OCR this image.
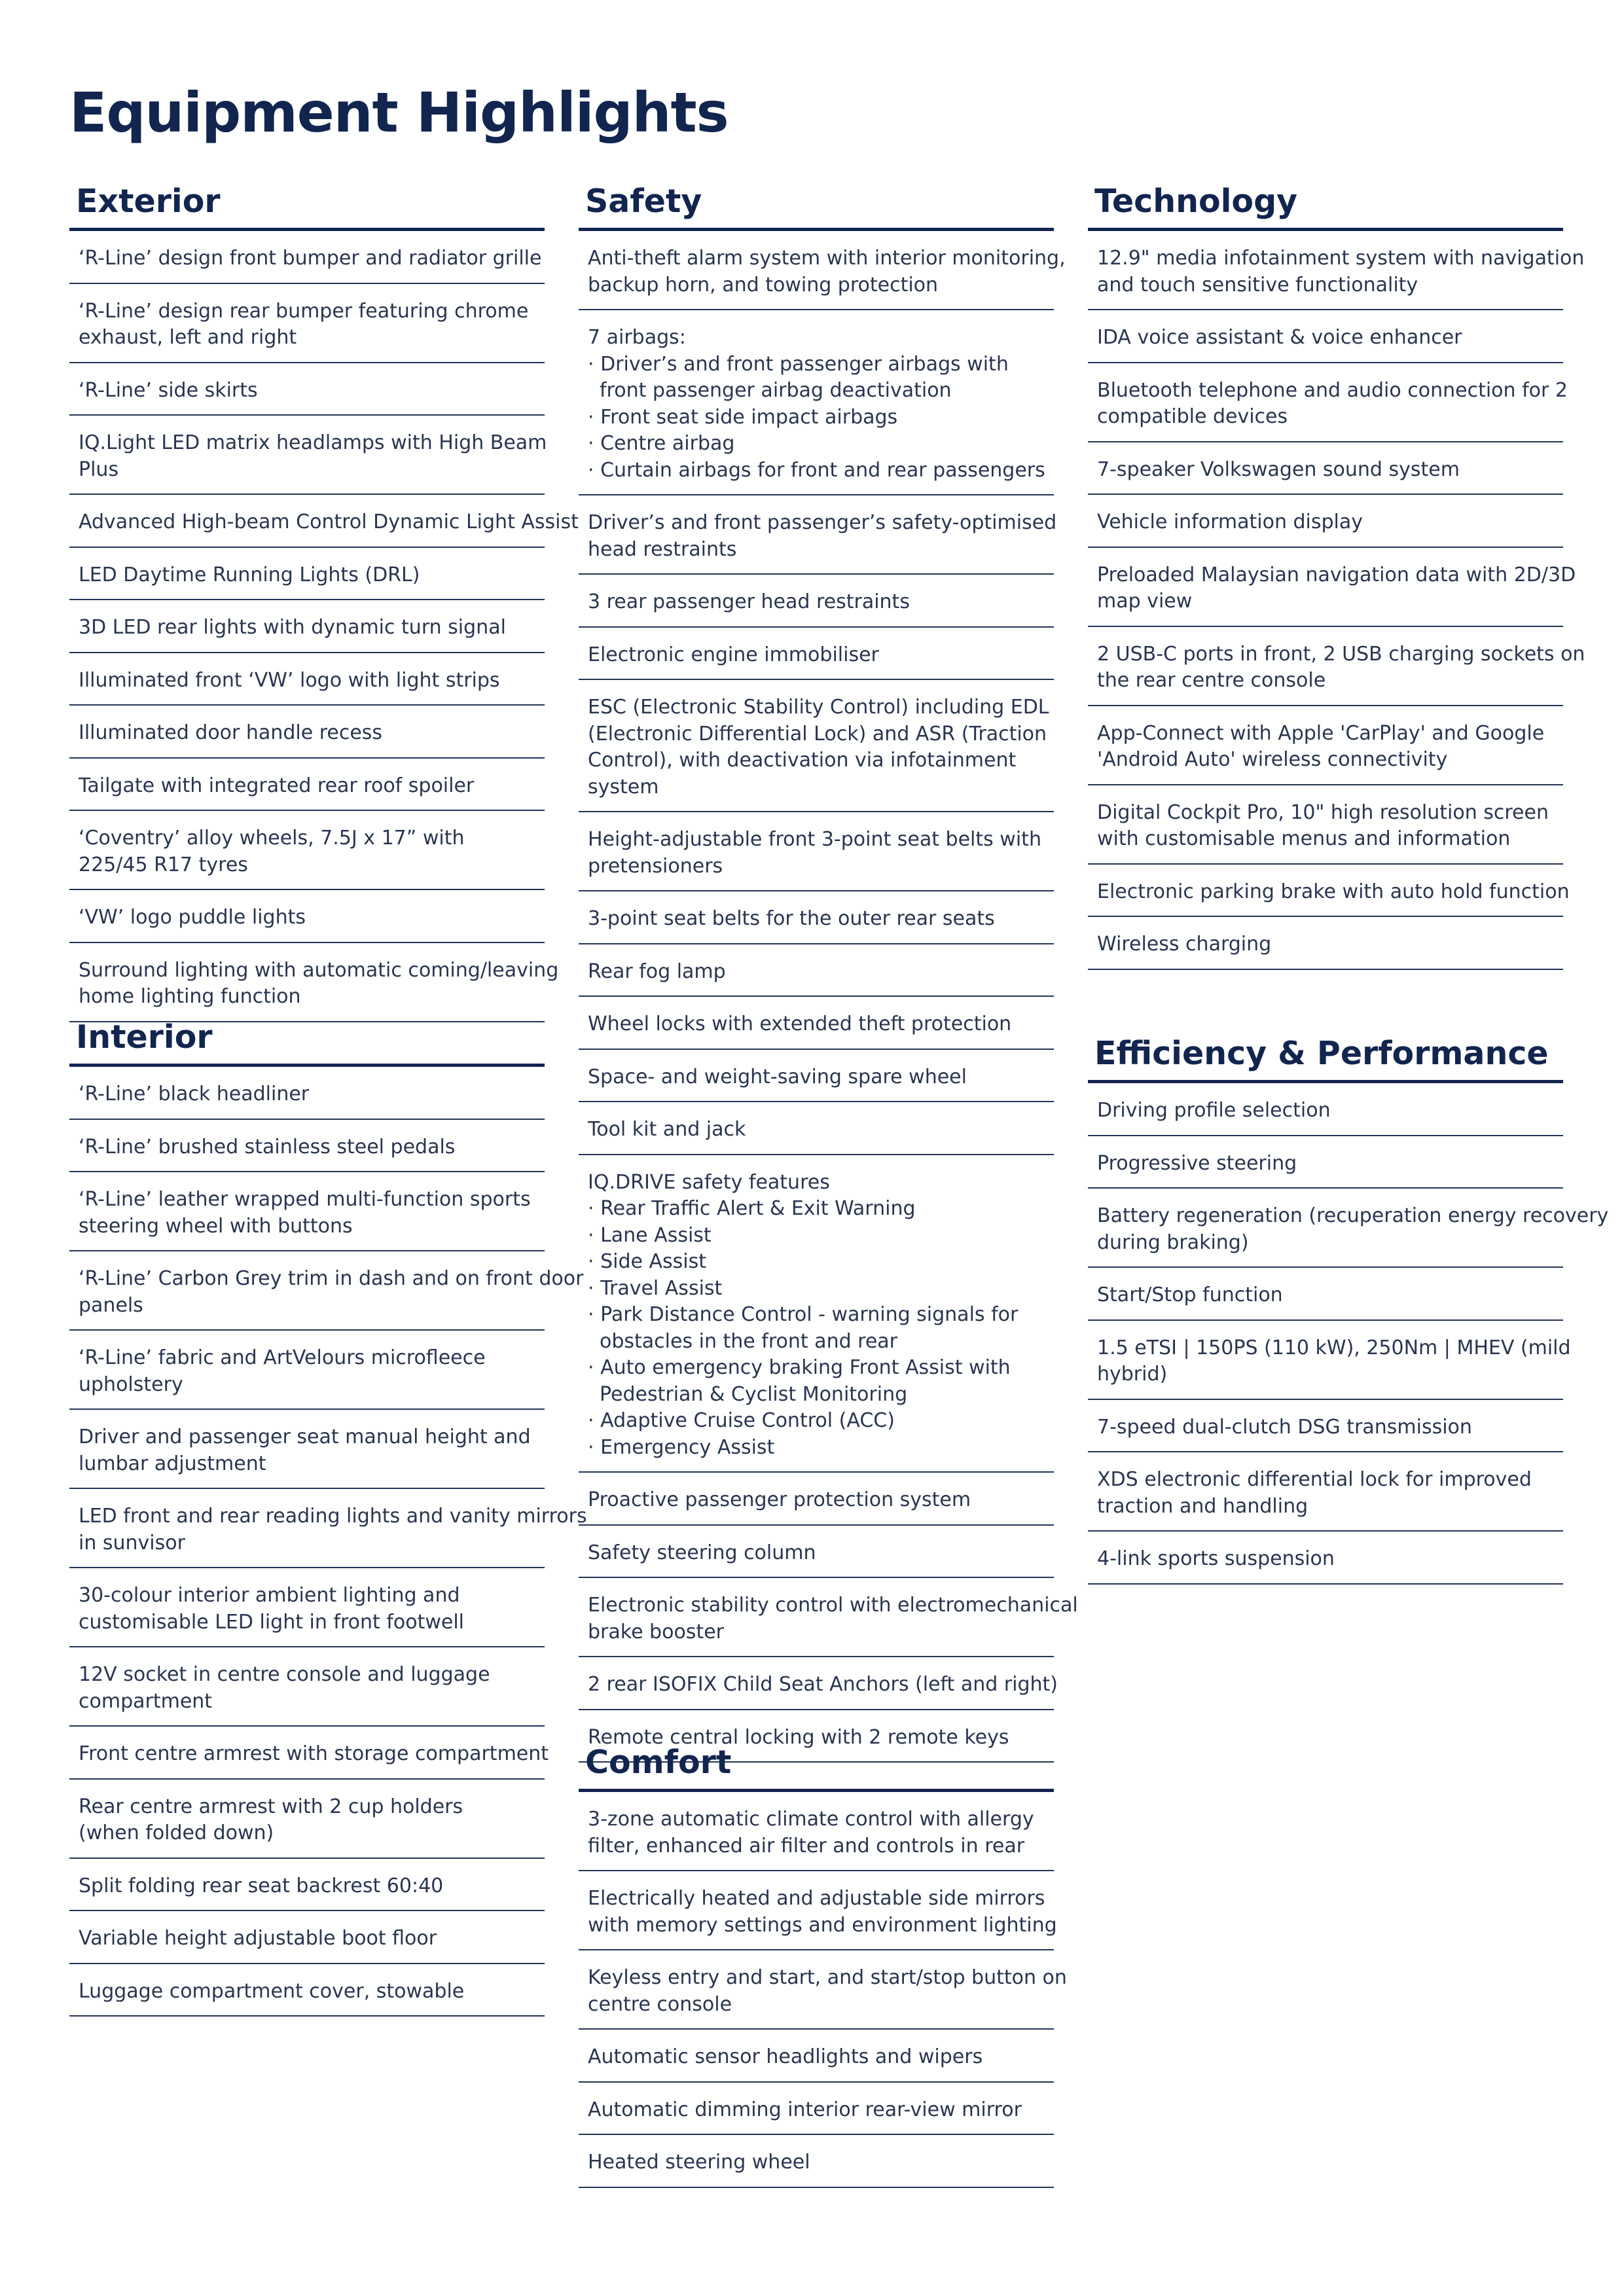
Equipment Highlights
Exterior
‘R-Line’ design front bumper and radiator grille
‘R-Line’ design rear bumper featuring chrome
exhaust, left and right
‘R-Line’ side skirts
IQ.Light LED matrix headlamps with High Beam
Plus
Advanced High-beam Control Dynamic Light Assist
LED Daytime Running Lights (DRL)
3D LED rear lights with dynamic turn signal
Illuminated front ‘VW’ logo with light strips
Illuminated door handle recess
Tailgate with integrated rear roof spoiler
‘Coventry’ alloy wheels, 7.5J x 17” with
225/45 R17 tyres
‘VW’ logo puddle lights
Surround lighting with automatic coming/leaving
home lighting function
Interior
‘R-Line’ black headliner
‘R-Line’ brushed stainless steel pedals
‘R-Line’ leather wrapped multi-function sports
steering wheel with buttons
‘R-Line’ Carbon Grey trim in dash and on front door
panels
‘R-Line’ fabric and ArtVelours microfleece
upholstery
Driver and passenger seat manual height and
lumbar adjustment
LED front and rear reading lights and vanity mirrors
in sunvisor
30-colour interior ambient lighting and
customisable LED light in front footwell
12V socket in centre console and luggage
compartment
Front centre armrest with storage compartment
Rear centre armrest with 2 cup holders
(when folded down)
Split folding rear seat backrest 60:40
Variable height adjustable boot floor
Luggage compartment cover, stowable
Safety
Anti-theft alarm system with interior monitoring,
backup horn, and towing protection
7 airbags:
· Driver’s and front passenger airbags with
front passenger airbag deactivation
· Front seat side impact airbags
· Centre airbag
· Curtain airbags for front and rear passengers
Driver’s and front passenger’s safety-optimised
head restraints
3 rear passenger head restraints
Electronic engine immobiliser
ESC (Electronic Stability Control) including EDL
(Electronic Differential Lock) and ASR (Traction
Control), with deactivation via infotainment
system
Height-adjustable front 3-point seat belts with
pretensioners
3-point seat belts for the outer rear seats
Rear fog lamp
Wheel locks with extended theft protection
Space- and weight-saving spare wheel
Tool kit and jack
IQ.DRIVE safety features
· Rear Traffic Alert & Exit Warning
· Lane Assist
· Side Assist
· Travel Assist
· Park Distance Control - warning signals for
obstacles in the front and rear
· Auto emergency braking Front Assist with
Pedestrian & Cyclist Monitoring
· Adaptive Cruise Control (ACC)
· Emergency Assist
Proactive passenger protection system
Safety steering column
Electronic stability control with electromechanical
brake booster
2 rear ISOFIX Child Seat Anchors (left and right)
Remote central locking with 2 remote keys
Comfort
3-zone automatic climate control with allergy
filter, enhanced air filter and controls in rear
Electrically heated and adjustable side mirrors
with memory settings and environment lighting
Keyless entry and start, and start/stop button on
centre console
Automatic sensor headlights and wipers
Automatic dimming interior rear-view mirror
Heated steering wheel
Technology
12.9" media infotainment system with navigation
and touch sensitive functionality
IDA voice assistant & voice enhancer
Bluetooth telephone and audio connection for 2
compatible devices
7-speaker Volkswagen sound system
Vehicle information display
Preloaded Malaysian navigation data with 2D/3D
map view
2 USB-C ports in front, 2 USB charging sockets on
the rear centre console
App-Connect with Apple 'CarPlay' and Google
'Android Auto' wireless connectivity
Digital Cockpit Pro, 10" high resolution screen
with customisable menus and information
Electronic parking brake with auto hold function
Wireless charging
Efficiency & Performance
Driving profile selection
Progressive steering
Battery regeneration (recuperation energy recovery
during braking)
Start/Stop function
1.5 eTSI | 150PS (110 kW), 250Nm | MHEV (mild
hybrid)
7-speed dual-clutch DSG transmission
XDS electronic differential lock for improved
traction and handling
4-link sports suspension
